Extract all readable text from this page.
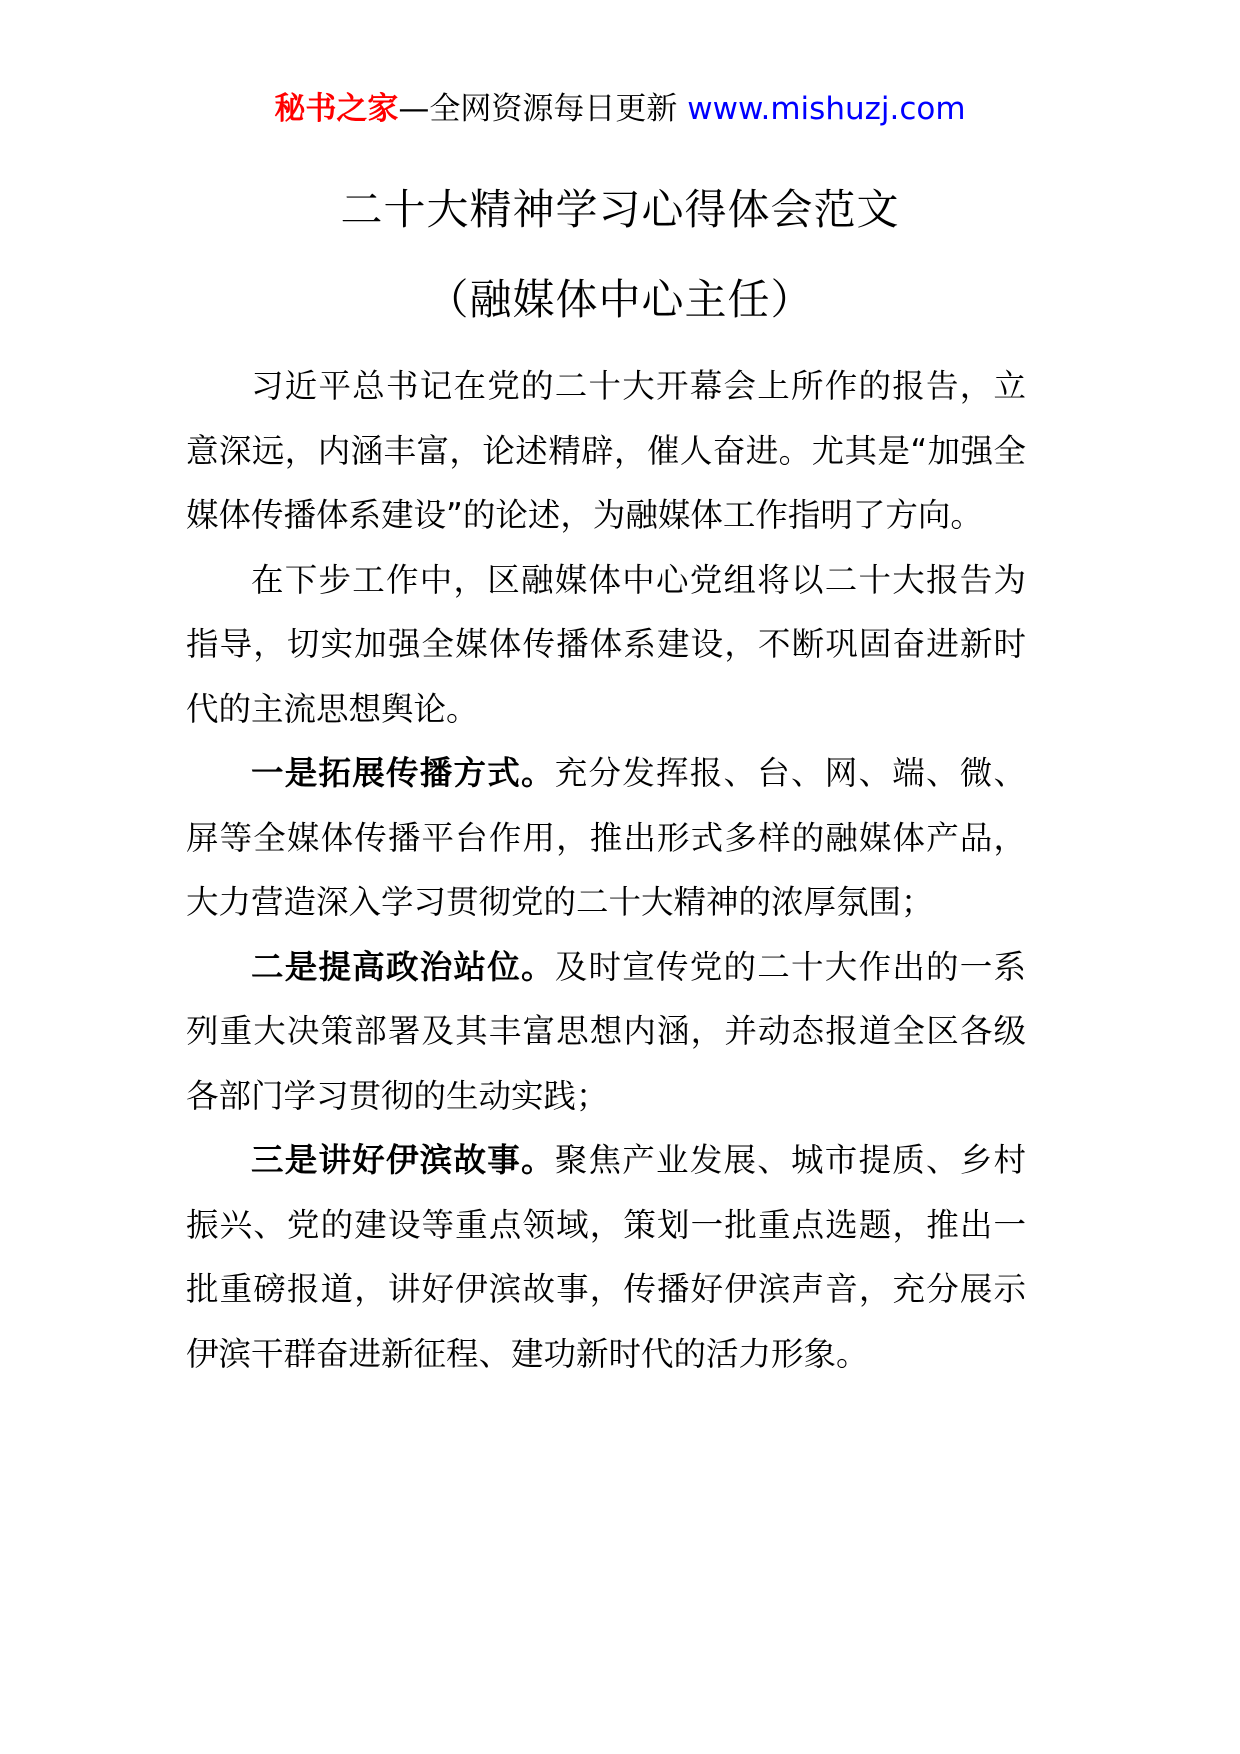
秘书之家—全网资源每日更新 www.mishuzj.com
二十大精神学习心得体会范文
（融媒体中心主任）

习近平总书记在党的二十大开幕会上所作的报告，立意深远，内涵丰富，论述精辟，催人奋进。尤其是“加强全媒体传播体系建设”的论述，为融媒体工作指明了方向。

在下步工作中，区融媒体中心党组将以二十大报告为指导，切实加强全媒体传播体系建设，不断巩固奋进新时代的主流思想舆论。

一是拓展传播方式。充分发挥报、台、网、端、微、屏等全媒体传播平台作用，推出形式多样的融媒体产品，大力营造深入学习贯彻党的二十大精神的浓厚氛围；

二是提高政治站位。及时宣传党的二十大作出的一系列重大决策部署及其丰富思想内涵，并动态报道全区各级各部门学习贯彻的生动实践；

三是讲好伊滨故事。聚焦产业发展、城市提质、乡村振兴、党的建设等重点领域，策划一批重点选题，推出一批重磅报道，讲好伊滨故事，传播好伊滨声音，充分展示伊滨干群奋进新征程、建功新时代的活力形象。
